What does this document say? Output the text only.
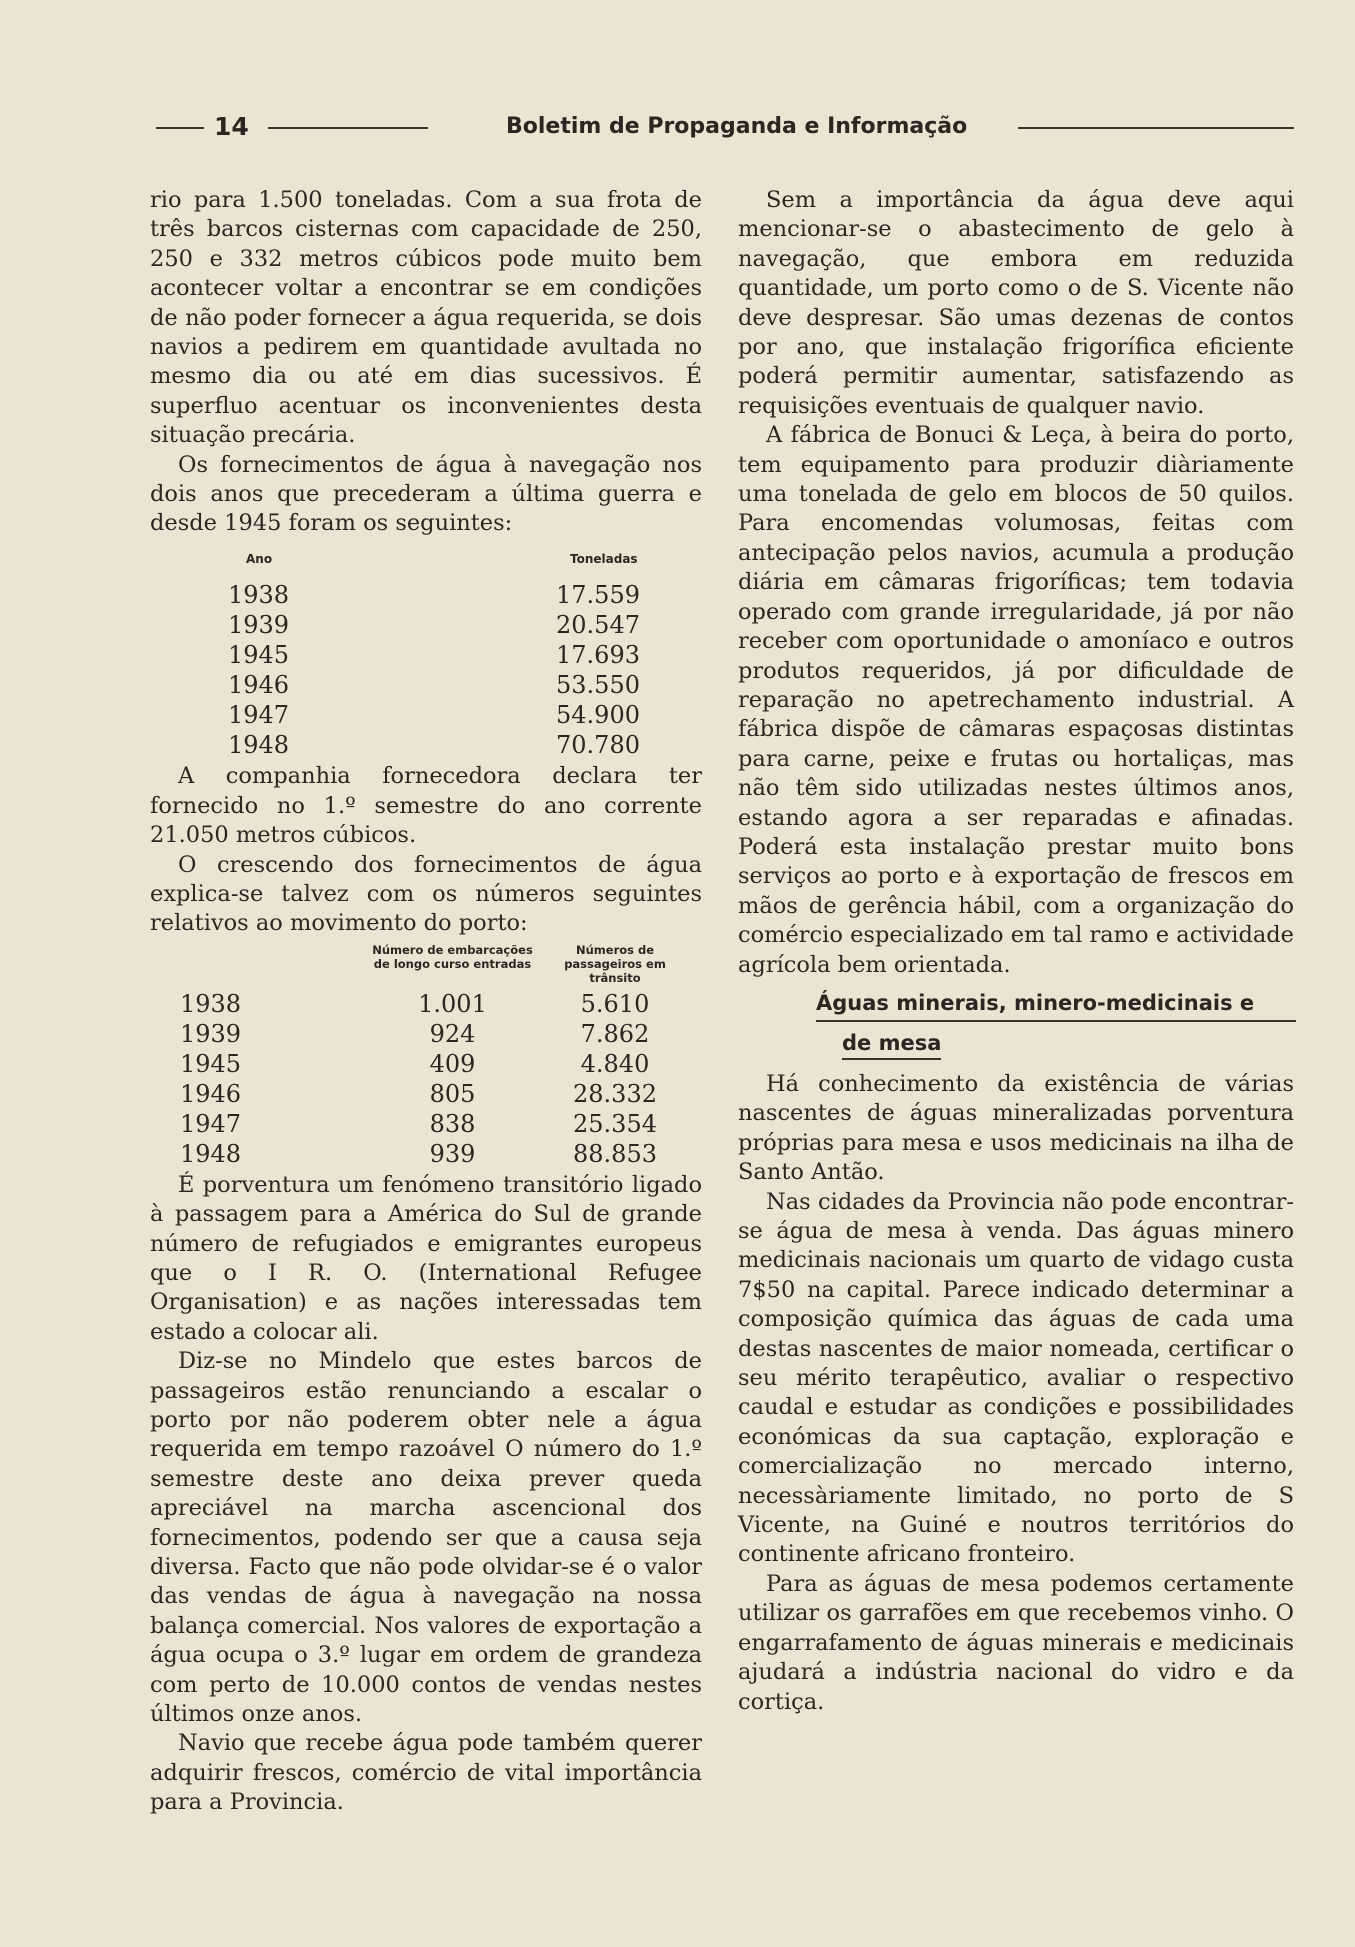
14	Boletim de Propaganda e Informação

rio para 1.500 toneladas. Com a sua frota de três barcos cisternas com capacidade de 250, 250 e 332 metros cúbicos pode muito bem acontecer voltar a encontrar se em condições de não poder fornecer a água requerida, se dois navios a pedirem em quantidade avultada no mesmo dia ou até em dias sucessivos. É superfluo acentuar os inconvenientes desta situação precária.

Os fornecimentos de água à navegação nos dois anos que precederam a última guerra e desde 1945 foram os seguintes:

Ano	Toneladas
1938	17.559
1939	20.547
1945	17.693
1946	53.550
1947	54.900
1948	70.780

A companhia fornecedora declara ter fornecido no 1.º semestre do ano corrente 21.050 metros cúbicos.

O crescendo dos fornecimentos de água explica-se talvez com os números seguintes relativos ao movimento do porto:

	Número de embarcações de longo curso entradas	Números de passageiros em trânsito
1938	1.001	5.610
1939	924	7.862
1945	409	4.840
1946	805	28.332
1947	838	25.354
1948	939	88.853

É porventura um fenómeno transitório ligado à passagem para a América do Sul de grande número de refugiados e emigrantes europeus que o I R. O. (International Refugee Organisation) e as nações interessadas tem estado a colocar ali.

Diz-se no Mindelo que estes barcos de passageiros estão renunciando a escalar o porto por não poderem obter nele a água requerida em tempo razoável O número do 1.º semestre deste ano deixa prever queda apreciável na marcha ascencional dos fornecimentos, podendo ser que a causa seja diversa. Facto que não pode olvidar-se é o valor das vendas de água à navegação na nossa balança comercial. Nos valores de exportação a água ocupa o 3.º lugar em ordem de grandeza com perto de 10.000 contos de vendas nestes últimos onze anos.

Navio que recebe água pode também querer adquirir frescos, comércio de vital importância para a Provincia.

Sem a importância da água deve aqui mencionar-se o abastecimento de gelo à navegação, que embora em reduzida quantidade, um porto como o de S. Vicente não deve despresar. São umas dezenas de contos por ano, que instalação frigorífica eficiente poderá permitir aumentar, satisfazendo as requisições eventuais de qualquer navio.

A fábrica de Bonuci & Leça, à beira do porto, tem equipamento para produzir diàriamente uma tonelada de gelo em blocos de 50 quilos. Para encomendas volumosas, feitas com antecipação pelos navios, acumula a produção diária em câmaras frigoríficas; tem todavia operado com grande irregularidade, já por não receber com oportunidade o amoníaco e outros produtos requeridos, já por dificuldade de reparação no apetrechamento industrial. A fábrica dispõe de câmaras espaçosas distintas para carne, peixe e frutas ou hortaliças, mas não têm sido utilizadas nestes últimos anos, estando agora a ser reparadas e afinadas. Poderá esta instalação prestar muito bons serviços ao porto e à exportação de frescos em mãos de gerência hábil, com a organização do comércio especializado em tal ramo e actividade agrícola bem orientada.

Águas minerais, minero-medicinais e
de mesa

Há conhecimento da existência de várias nascentes de águas mineralizadas porventura próprias para mesa e usos medicinais na ilha de Santo Antão.

Nas cidades da Provincia não pode encontrar-se água de mesa à venda. Das águas minero medicinais nacionais um quarto de vidago custa 7$50 na capital. Parece indicado determinar a composição química das águas de cada uma destas nascentes de maior nomeada, certificar o seu mérito terapêutico, avaliar o respectivo caudal e estudar as condições e possibilidades económicas da sua captação, exploração e comercialização no mercado interno, necessàriamente limitado, no porto de S Vicente, na Guiné e noutros territórios do continente africano fronteiro.

Para as águas de mesa podemos certamente utilizar os garrafões em que recebemos vinho. O engarrafamento de águas minerais e medicinais ajudará a indústria nacional do vidro e da cortiça.
